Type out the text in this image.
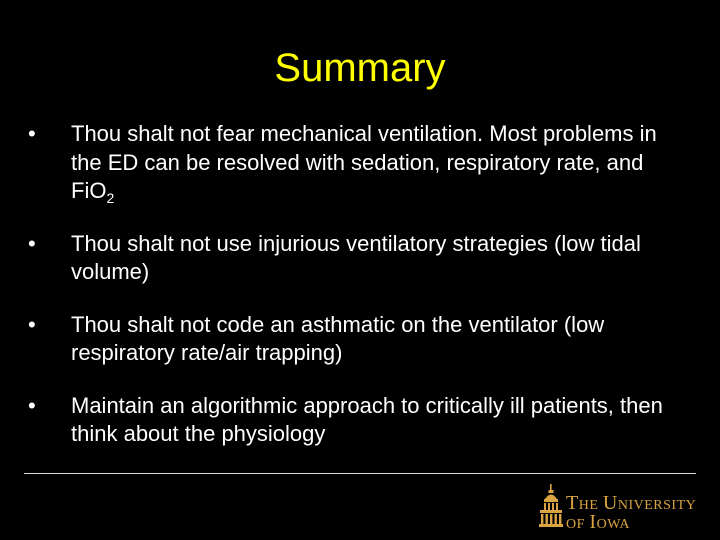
Summary
•	Thou shalt not fear mechanical ventilation. Most problems in the ED can be resolved with sedation, respiratory rate, and FiO$_2$
•	Thou shalt not use injurious ventilatory strategies (low tidal volume)
•	Thou shalt not code an asthmatic on the ventilator (low respiratory rate/air trapping)
•	Maintain an algorithmic approach to critically ill patients, then think about the physiology
THE UNIVERSITY
OF IOWA
